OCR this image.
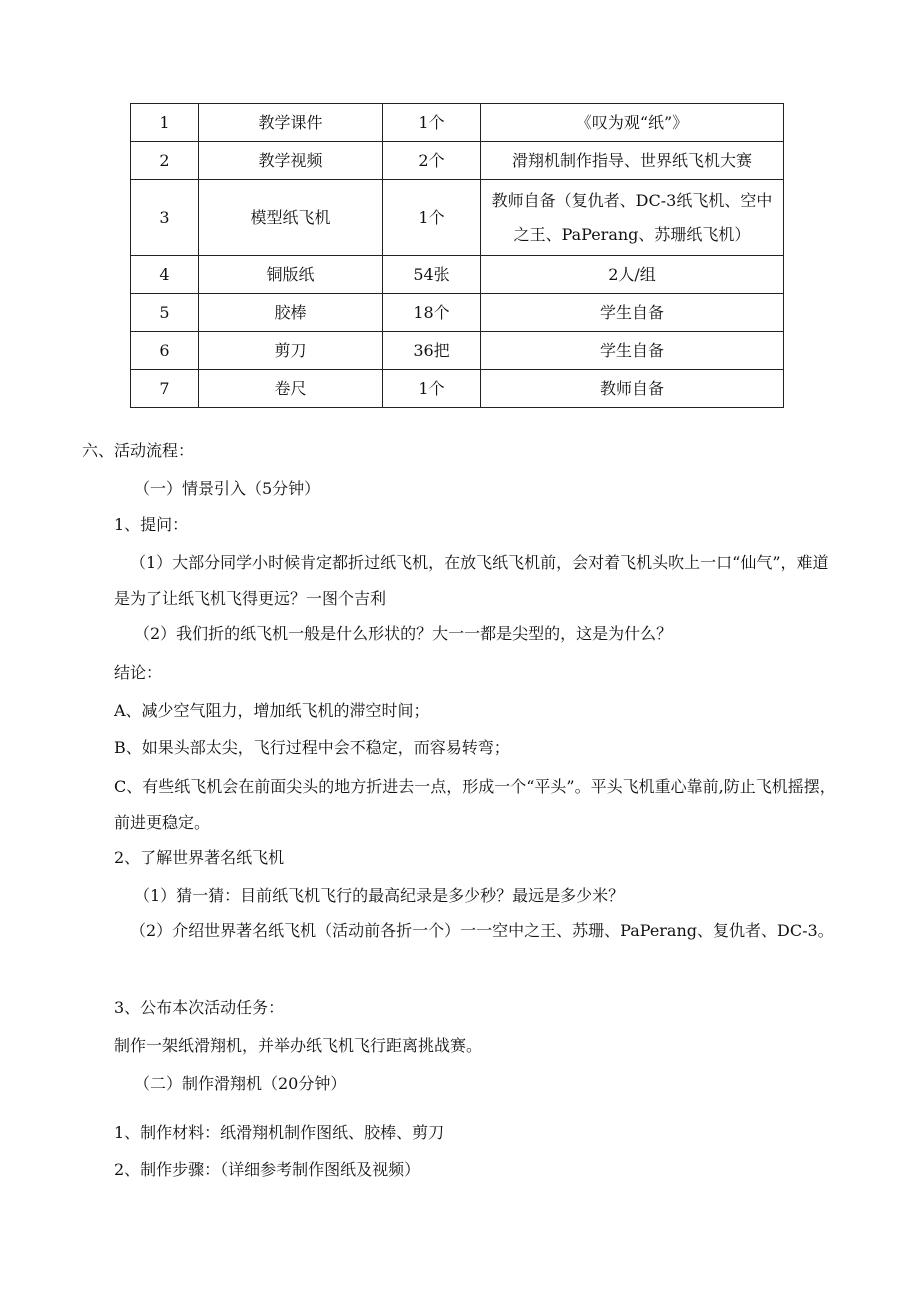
1	教学课件	1个	《叹为观“纸”》
2	教学视频	2个	滑翔机制作指导、世界纸飞机大赛
3	模型纸飞机	1个	教师自备（复仇者、DC-3纸飞机、空中之王、PaPerang、苏珊纸飞机）
4	铜版纸	54张	2人/组
5	胶棒	18个	学生自备
6	剪刀	36把	学生自备
7	卷尺	1个	教师自备
六、活动流程：
（一）情景引入（5分钟）
1、提问：
（1）大部分同学小时候肯定都折过纸飞机，在放飞纸飞机前，会对着飞机头吹上一口“仙气”，难道是为了让纸飞机飞得更远？一图个吉利
（2）我们折的纸飞机一般是什么形状的？大一一都是尖型的，这是为什么？
结论：
A、减少空气阻力，增加纸飞机的滞空时间；
B、如果头部太尖，飞行过程中会不稳定，而容易转弯；
C、有些纸飞机会在前面尖头的地方折进去一点，形成一个“平头”。平头飞机重心靠前,防止飞机摇摆，前进更稳定。
2、了解世界著名纸飞机
（1）猜一猜：目前纸飞机飞行的最高纪录是多少秒？最远是多少米？
（2）介绍世界著名纸飞机（活动前各折一个）一一空中之王、苏珊、PaPerang、复仇者、DC-3。
3、公布本次活动任务：
制作一架纸滑翔机，并举办纸飞机飞行距离挑战赛。
（二）制作滑翔机（20分钟）
1、制作材料：纸滑翔机制作图纸、胶棒、剪刀
2、制作步骤：（详细参考制作图纸及视频）
